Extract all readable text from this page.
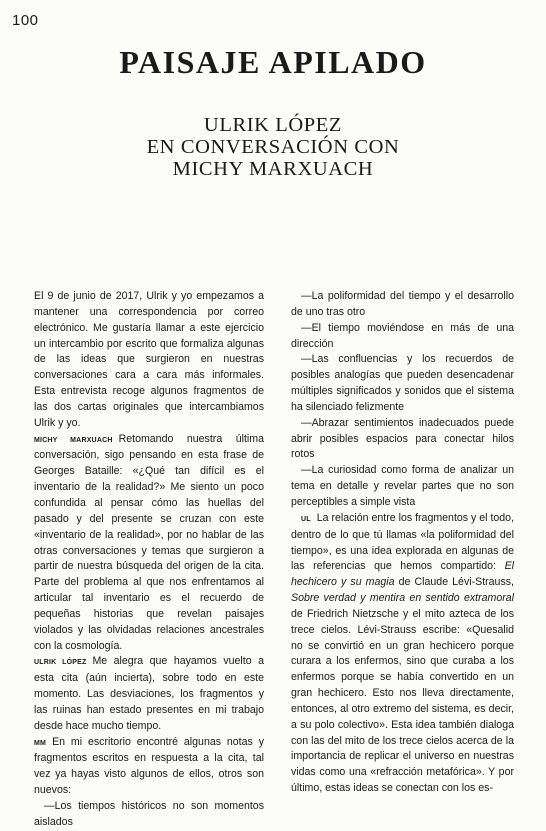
100
PAISAJE APILADO
ULRIK LÓPEZ
EN CONVERSACIÓN CON
MICHY MARXUACH

El 9 de junio de 2017, Ulrik y yo empezamos a mantener una correspondencia por correo electrónico. Me gustaría llamar a este ejercicio un intercambio por escrito que formaliza algunas de las ideas que surgieron en nuestras conversaciones cara a cara más informales. Esta entrevista recoge algunos fragmentos de las dos cartas originales que intercambiamos Ulrik y yo.

MICHY MARXUACH Retomando nuestra última conversación, sigo pensando en esta frase de Georges Bataille: «¿Qué tan difícil es el inventario de la realidad?» Me siento un poco confundida al pensar cómo las huellas del pasado y del presente se cruzan con este «inventario de la realidad», por no hablar de las otras conversaciones y temas que surgieron a partir de nuestra búsqueda del origen de la cita. Parte del problema al que nos enfrentamos al articular tal inventario es el recuerdo de pequeñas historias que revelan paisajes violados y las olvidadas relaciones ancestrales con la cosmología.

ULRIK LÓPEZ Me alegra que hayamos vuelto a esta cita (aún incierta), sobre todo en este momento. Las desviaciones, los fragmentos y las ruinas han estado presentes en mi trabajo desde hace mucho tiempo.

MM En mi escritorio encontré algunas notas y fragmentos escritos en respuesta a la cita, tal vez ya hayas visto algunos de ellos, otros son nuevos:

—Los tiempos históricos no son momentos aislados

—La poliformidad del tiempo y el desarrollo de uno tras otro

—El tiempo moviéndose en más de una dirección

—Las confluencias y los recuerdos de posibles analogías que pueden desencadenar múltiples significados y sonidos que el sistema ha silenciado felizmente

—Abrazar sentimientos inadecuados puede abrir posibles espacios para conectar hilos rotos

—La curiosidad como forma de analizar un tema en detalle y revelar partes que no son perceptibles a simple vista

UL La relación entre los fragmentos y el todo, dentro de lo que tú llamas «la poliformidad del tiempo», es una idea explorada en algunas de las referencias que hemos compartido: El hechicero y su magia de Claude Lévi-Strauss, Sobre verdad y mentira en sentido extramoral de Friedrich Nietzsche y el mito azteca de los trece cielos. Lévi-Strauss escribe: «Quesalid no se convirtió en un gran hechicero porque curara a los enfermos, sino que curaba a los enfermos porque se había convertido en un gran hechicero. Esto nos lleva directamente, entonces, al otro extremo del sistema, es decir, a su polo colectivo». Esta idea también dialoga con las del mito de los trece cielos acerca de la importancia de replicar el universo en nuestras vidas como una «refracción metafórica». Y por último, estas ideas se conectan con los es-
